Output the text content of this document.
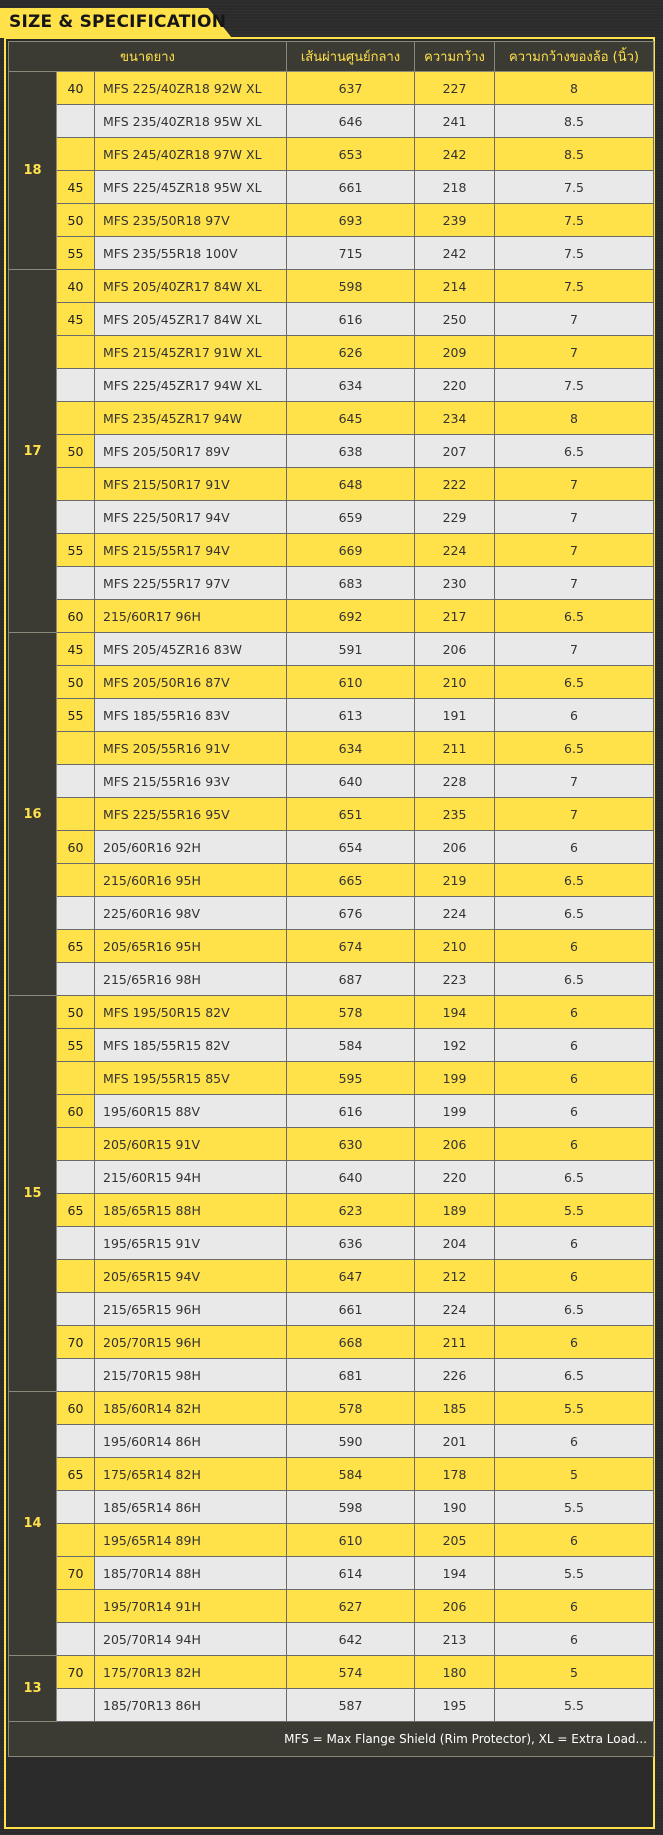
SIZE & SPECIFICATION
ขนาดยาง			เส้นผ่านศูนย์กลาง	ความกว้าง	ความกว้างของล้อ (นิ้ว)
18	40	MFS 225/40ZR18 92W XL	637	227	8
		MFS 235/40ZR18 95W XL	646	241	8.5
		MFS 245/40ZR18 97W XL	653	242	8.5
	45	MFS 225/45ZR18 95W XL	661	218	7.5
	50	MFS 235/50R18 97V	693	239	7.5
	55	MFS 235/55R18 100V	715	242	7.5
17	40	MFS 205/40ZR17 84W XL	598	214	7.5
	45	MFS 205/45ZR17 84W XL	616	250	7
		MFS 215/45ZR17 91W XL	626	209	7
		MFS 225/45ZR17 94W XL	634	220	7.5
		MFS 235/45ZR17 94W	645	234	8
	50	MFS 205/50R17 89V	638	207	6.5
		MFS 215/50R17 91V	648	222	7
		MFS 225/50R17 94V	659	229	7
	55	MFS 215/55R17 94V	669	224	7
		MFS 225/55R17 97V	683	230	7
	60	215/60R17 96H	692	217	6.5
16	45	MFS 205/45ZR16 83W	591	206	7
	50	MFS 205/50R16 87V	610	210	6.5
	55	MFS 185/55R16 83V	613	191	6
		MFS 205/55R16 91V	634	211	6.5
		MFS 215/55R16 93V	640	228	7
		MFS 225/55R16 95V	651	235	7
	60	205/60R16 92H	654	206	6
		215/60R16 95H	665	219	6.5
		225/60R16 98V	676	224	6.5
	65	205/65R16 95H	674	210	6
		215/65R16 98H	687	223	6.5
15	50	MFS 195/50R15 82V	578	194	6
	55	MFS 185/55R15 82V	584	192	6
		MFS 195/55R15 85V	595	199	6
	60	195/60R15 88V	616	199	6
		205/60R15 91V	630	206	6
		215/60R15 94H	640	220	6.5
	65	185/65R15 88H	623	189	5.5
		195/65R15 91V	636	204	6
		205/65R15 94V	647	212	6
		215/65R15 96H	661	224	6.5
	70	205/70R15 96H	668	211	6
		215/70R15 98H	681	226	6.5
14	60	185/60R14 82H	578	185	5.5
		195/60R14 86H	590	201	6
	65	175/65R14 82H	584	178	5
		185/65R14 86H	598	190	5.5
		195/65R14 89H	610	205	6
	70	185/70R14 88H	614	194	5.5
		195/70R14 91H	627	206	6
		205/70R14 94H	642	213	6
13	70	175/70R13 82H	574	180	5
		185/70R13 86H	587	195	5.5
MFS = Max Flange Shield (Rim Protector), XL = Extra Load...					
